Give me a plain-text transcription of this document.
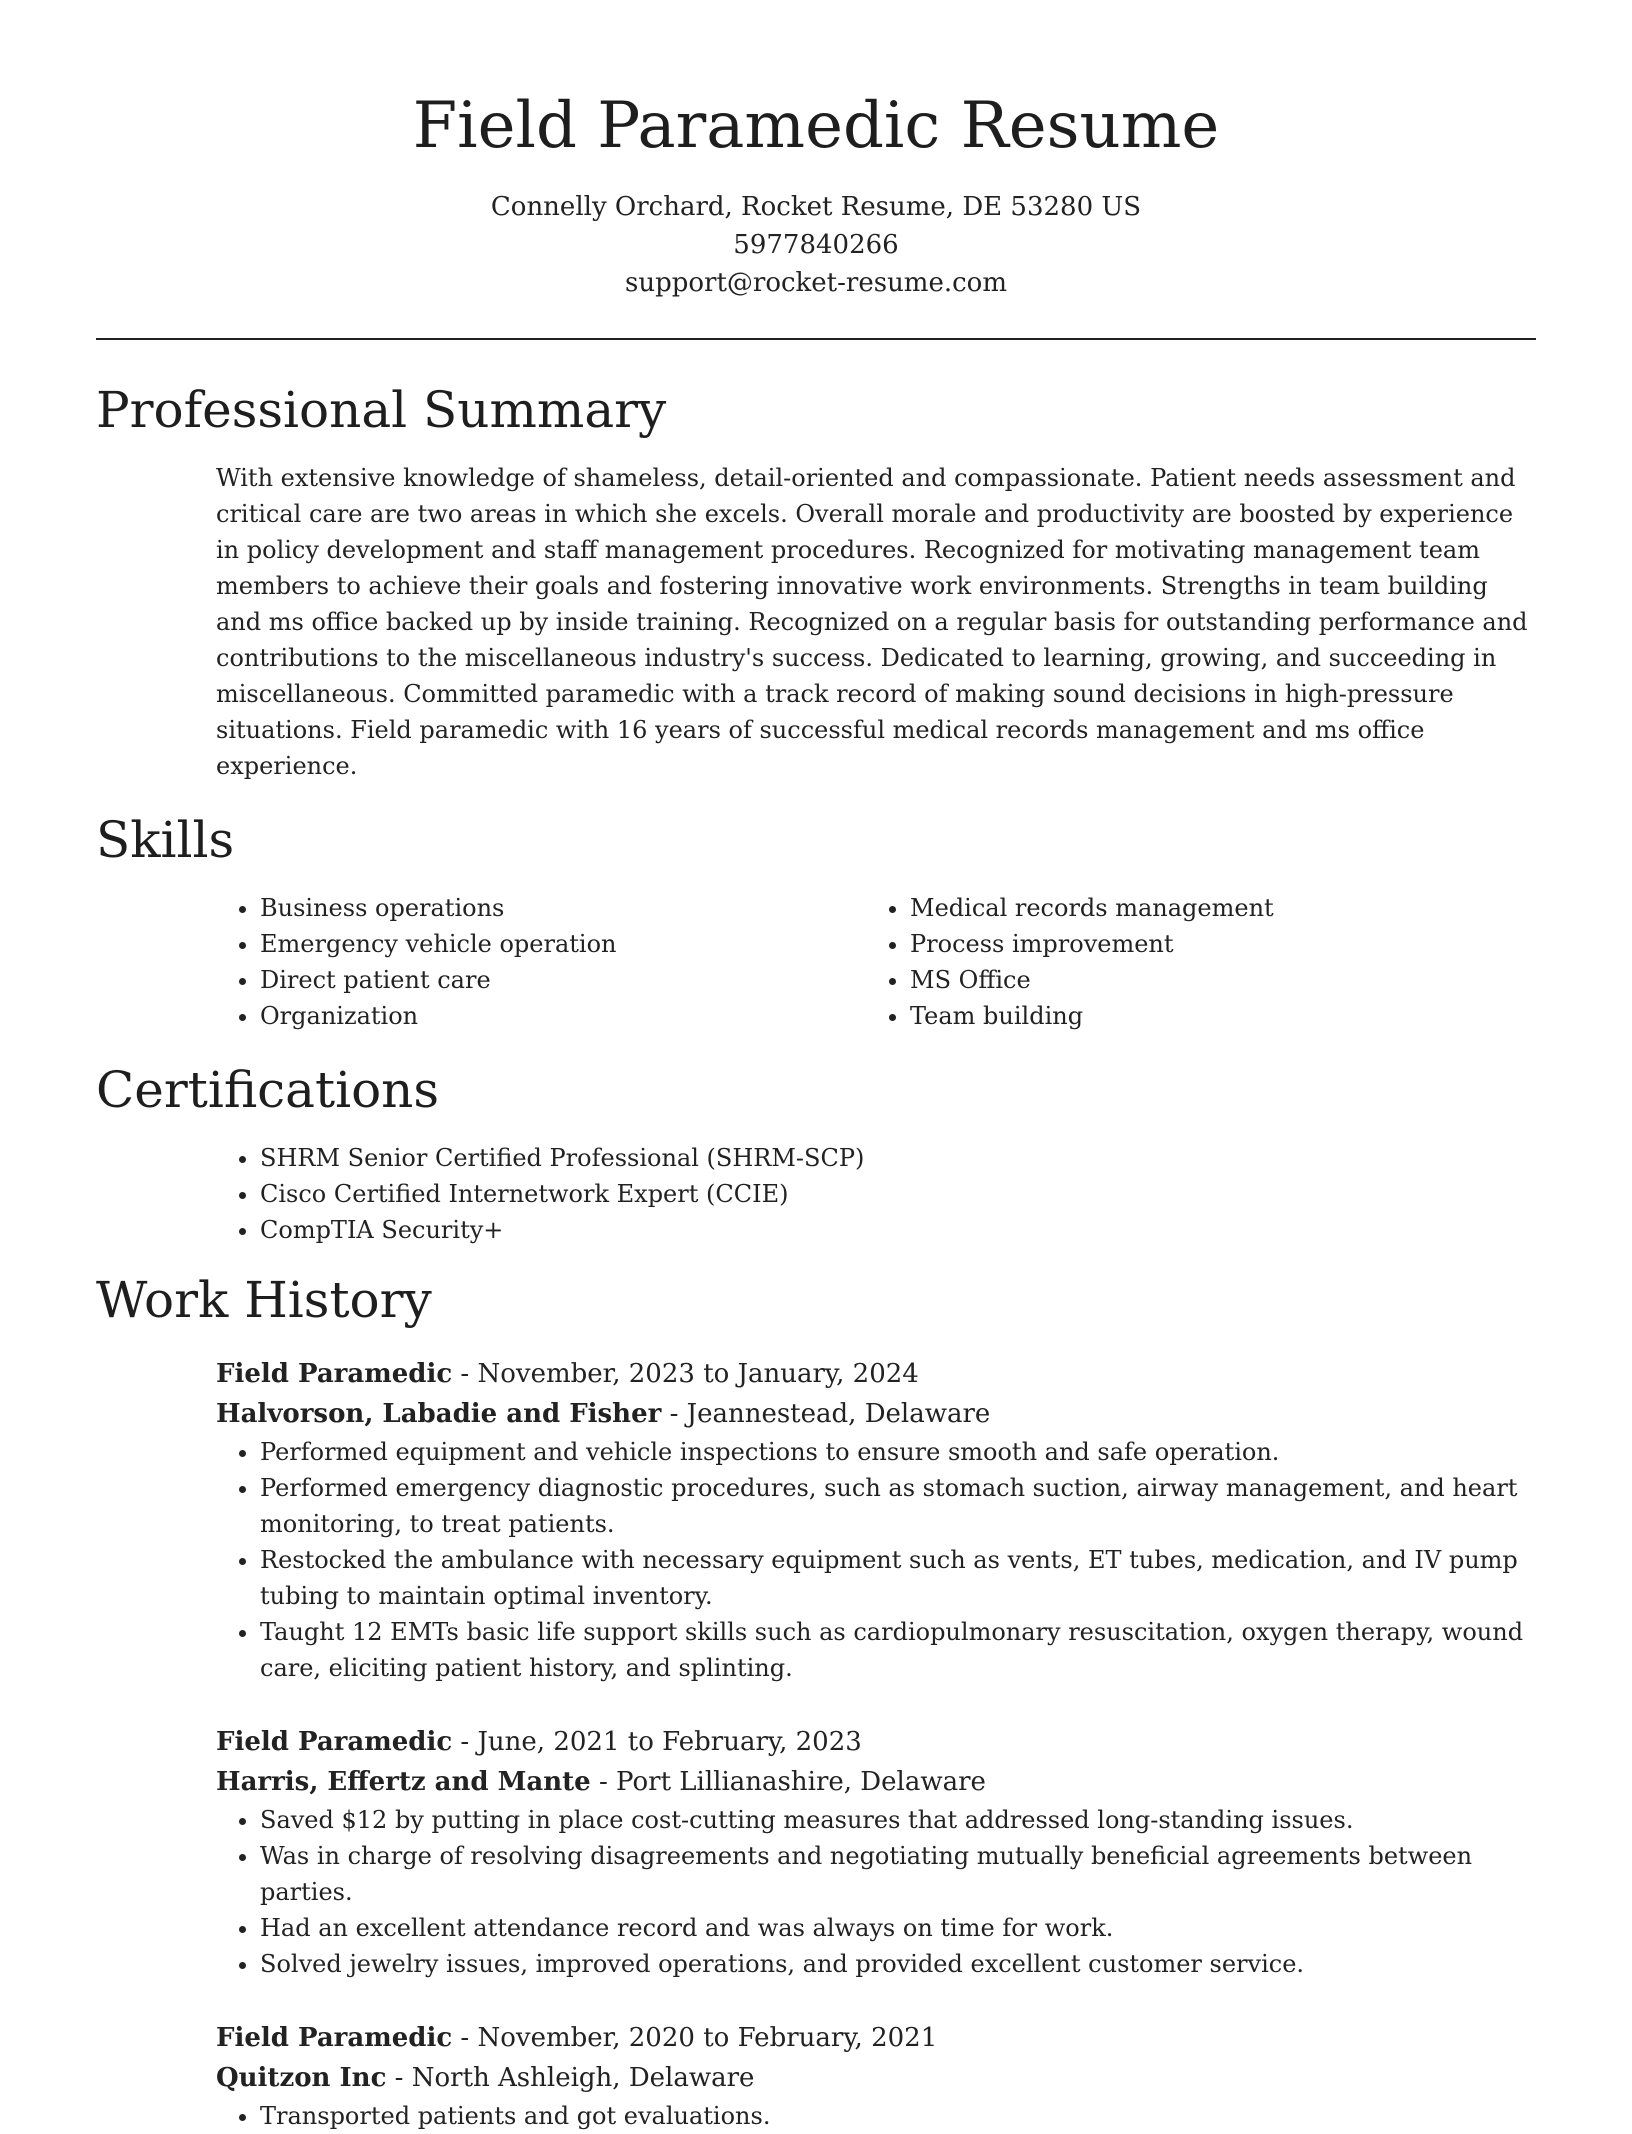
Field Paramedic Resume
Connelly Orchard, Rocket Resume, DE 53280 US
5977840266
support@rocket-resume.com
Professional Summary
With extensive knowledge of shameless, detail-oriented and compassionate. Patient needs assessment and critical care are two areas in which she excels. Overall morale and productivity are boosted by experience in policy development and staff management procedures. Recognized for motivating management team members to achieve their goals and fostering innovative work environments. Strengths in team building and ms office backed up by inside training. Recognized on a regular basis for outstanding performance and contributions to the miscellaneous industry's success. Dedicated to learning, growing, and succeeding in miscellaneous. Committed paramedic with a track record of making sound decisions in high-pressure situations. Field paramedic with 16 years of successful medical records management and ms office experience.
Skills
• Business operations
• Emergency vehicle operation
• Direct patient care
• Organization
• Medical records management
• Process improvement
• MS Office
• Team building
Certifications
• SHRM Senior Certified Professional (SHRM-SCP)
• Cisco Certified Internetwork Expert (CCIE)
• CompTIA Security+
Work History
Field Paramedic - November, 2023 to January, 2024
Halvorson, Labadie and Fisher - Jeannestead, Delaware
• Performed equipment and vehicle inspections to ensure smooth and safe operation.
• Performed emergency diagnostic procedures, such as stomach suction, airway management, and heart monitoring, to treat patients.
• Restocked the ambulance with necessary equipment such as vents, ET tubes, medication, and IV pump tubing to maintain optimal inventory.
• Taught 12 EMTs basic life support skills such as cardiopulmonary resuscitation, oxygen therapy, wound care, eliciting patient history, and splinting.
Field Paramedic - June, 2021 to February, 2023
Harris, Effertz and Mante - Port Lillianashire, Delaware
• Saved $12 by putting in place cost-cutting measures that addressed long-standing issues.
• Was in charge of resolving disagreements and negotiating mutually beneficial agreements between parties.
• Had an excellent attendance record and was always on time for work.
• Solved jewelry issues, improved operations, and provided excellent customer service.
Field Paramedic - November, 2020 to February, 2021
Quitzon Inc - North Ashleigh, Delaware
• Transported patients and got evaluations.
